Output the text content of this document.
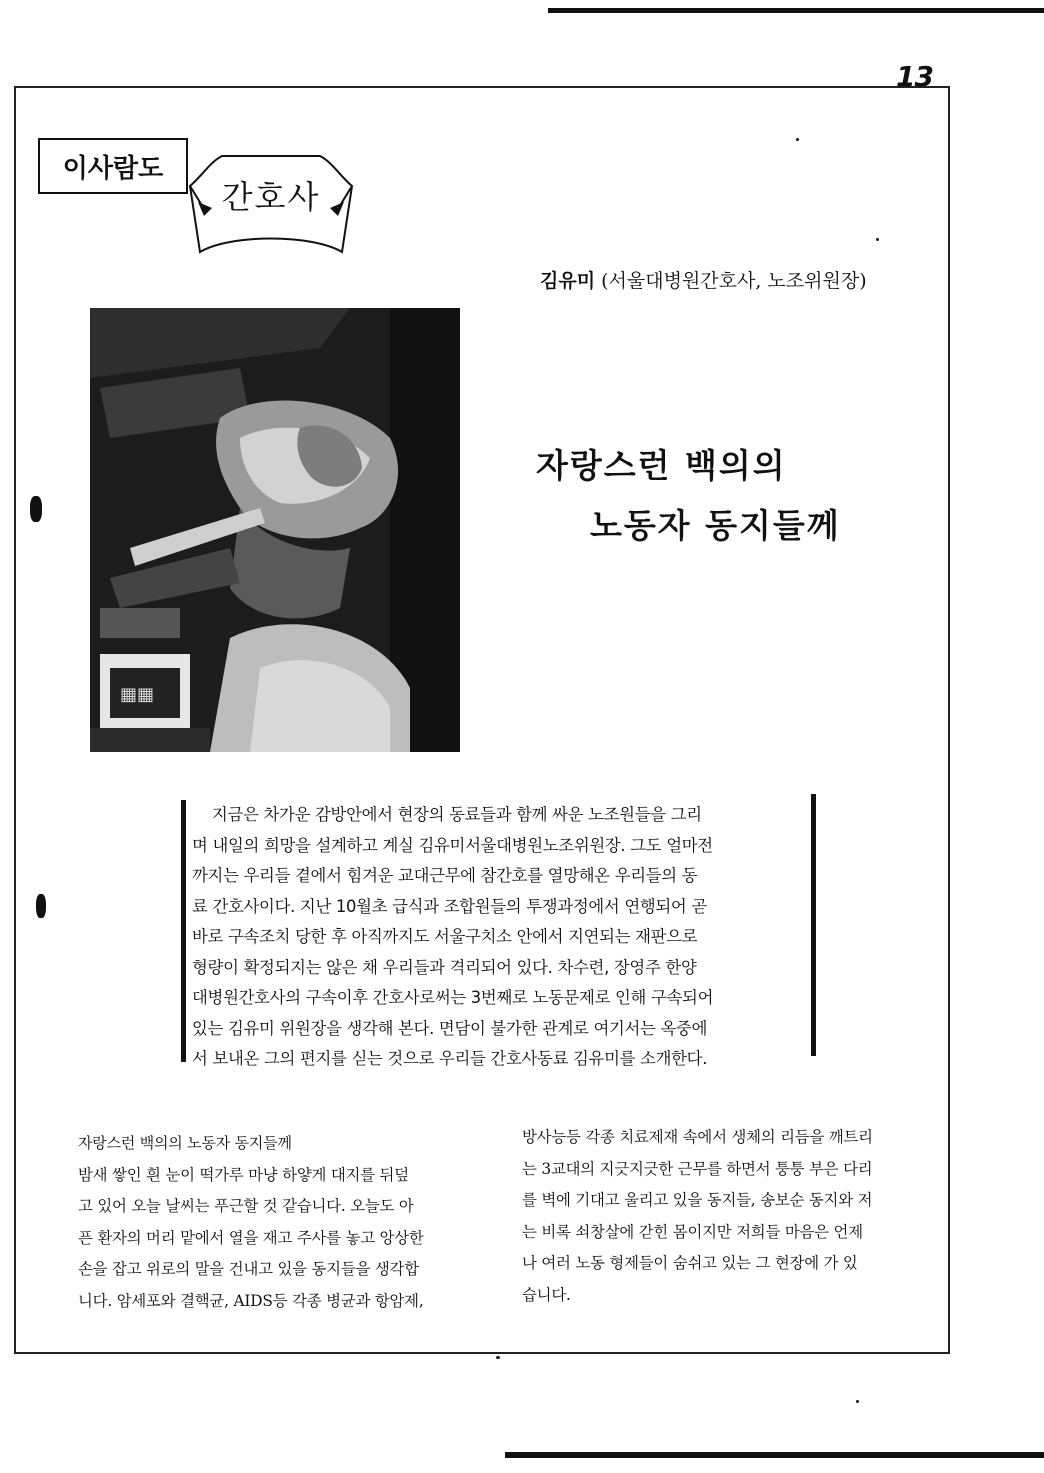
13
이사람도
간호사
김유미 (서울대병원간호사, 노조위원장)
▦▦
자랑스런 백의의
노동자 동지들께
지금은 차가운 감방안에서 현장의 동료들과 함께 싸운 노조원들을 그리
며 내일의 희망을 설계하고 계실 김유미서울대병원노조위원장. 그도 얼마전
까지는 우리들 곁에서 힘겨운 교대근무에 참간호를 열망해온 우리들의 동
료 간호사이다. 지난 10월초 급식과 조합원들의 투쟁과정에서 연행되어 곧
바로 구속조치 당한 후 아직까지도 서울구치소 안에서 지연되는 재판으로
형량이 확정되지는 않은 채 우리들과 격리되어 있다. 차수련, 장영주 한양
대병원간호사의 구속이후 간호사로써는 3번째로 노동문제로 인해 구속되어
있는 김유미 위원장을 생각해 본다. 면담이 불가한 관계로 여기서는 옥중에
서 보내온 그의 편지를 싣는 것으로 우리들 간호사동료 김유미를 소개한다.
자랑스런 백의의 노동자 동지들께
밤새 쌓인 흰 눈이 떡가루 마냥 하얗게 대지를 뒤덮
고 있어 오늘 날씨는 푸근할 것 같습니다. 오늘도 아
픈 환자의 머리 맡에서 열을 재고 주사를 놓고 앙상한
손을 잡고 위로의 말을 건내고 있을 동지들을 생각합
니다. 암세포와 결핵균, AIDS등 각종 병균과 항암제,
방사능등 각종 치료제재 속에서 생체의 리듬을 깨트리
는 3교대의 지긋지긋한 근무를 하면서 퉁퉁 부은 다리
를 벽에 기대고 울리고 있을 동지들, 송보순 동지와 저
는 비록 쇠창살에 갇힌 몸이지만 저희들 마음은 언제
나 여러 노동 형제들이 숨쉬고 있는 그 현장에 가 있
습니다.
